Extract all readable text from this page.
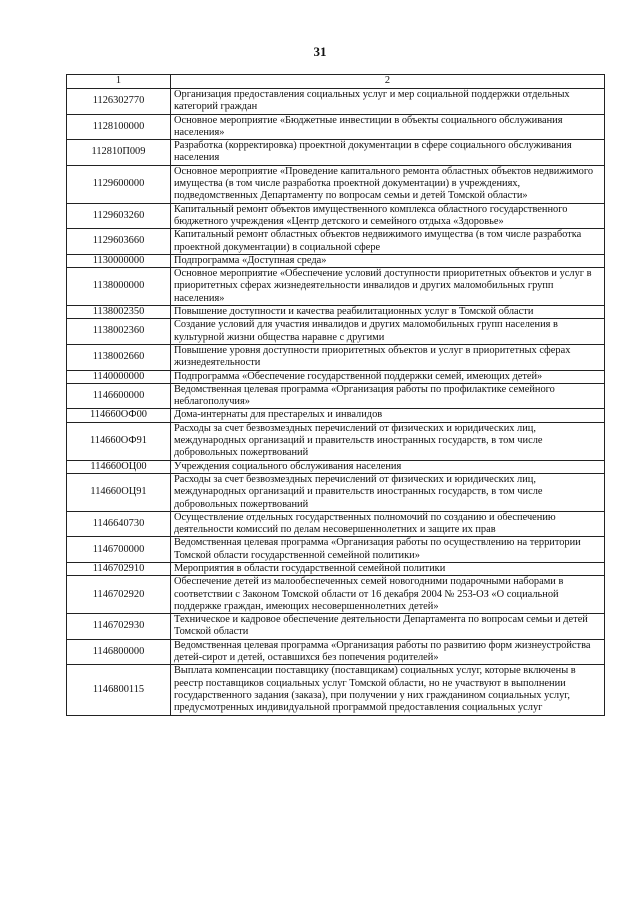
31
1	2
1126302770	Организация предоставления социальных услуг и мер социальной поддержки отдельных категорий граждан
1128100000	Основное мероприятие «Бюджетные инвестиции в объекты социального обслуживания населения»
112810П009	Разработка (корректировка) проектной документации в сфере социального обслуживания населения
1129600000	Основное мероприятие «Проведение капитального ремонта областных объектов недвижимого имущества (в том числе разработка проектной документации) в учреждениях, подведомственных Департаменту по вопросам семьи и детей Томской области»
1129603260	Капитальный ремонт объектов имущественного комплекса областного государственного бюджетного учреждения «Центр детского и семейного отдыха «Здоровье»
1129603660	Капитальный ремонт областных объектов недвижимого имущества (в том числе разработка проектной документации) в социальной сфере
1130000000	Подпрограмма «Доступная среда»
1138000000	Основное мероприятие «Обеспечение условий доступности приоритетных объектов и услуг в приоритетных сферах жизнедеятельности инвалидов и других маломобильных групп населения»
1138002350	Повышение доступности и качества реабилитационных услуг в Томской области
1138002360	Создание условий для участия инвалидов и других маломобильных групп населения в культурной жизни общества наравне с другими
1138002660	Повышение уровня доступности приоритетных объектов и услуг в приоритетных сферах жизнедеятельности
1140000000	Подпрограмма «Обеспечение государственной поддержки семей, имеющих детей»
1146600000	Ведомственная целевая программа «Организация работы по профилактике семейного неблагополучия»
114660ОФ00	Дома-интернаты для престарелых и инвалидов
114660ОФ91	Расходы за счет безвозмездных перечислений от физических и юридических лиц, международных организаций и правительств иностранных государств, в том числе добровольных пожертвований
114660ОЦ00	Учреждения социального обслуживания населения
114660ОЦ91	Расходы за счет безвозмездных перечислений от физических и юридических лиц, международных организаций и правительств иностранных государств, в том числе добровольных пожертвований
1146640730	Осуществление отдельных государственных полномочий по созданию и обеспечению деятельности комиссий по делам несовершеннолетних и защите их прав
1146700000	Ведомственная целевая программа «Организация работы по осуществлению на территории Томской области государственной семейной политики»
1146702910	Мероприятия в области государственной семейной политики
1146702920	Обеспечение детей из малообеспеченных семей новогодними подарочными наборами в соответствии с Законом Томской области от 16 декабря 2004 № 253-ОЗ «О социальной поддержке граждан, имеющих несовершеннолетних детей»
1146702930	Техническое и кадровое обеспечение деятельности Департамента по вопросам семьи и детей Томской области
1146800000	Ведомственная целевая программа «Организация работы по развитию форм жизнеустройства детей-сирот и детей, оставшихся без попечения родителей»
1146800115	Выплата компенсации поставщику (поставщикам) социальных услуг, которые включены в реестр поставщиков социальных услуг Томской области, но не участвуют в выполнении государственного задания (заказа), при получении у них гражданином социальных услуг, предусмотренных индивидуальной программой предоставления социальных услуг
